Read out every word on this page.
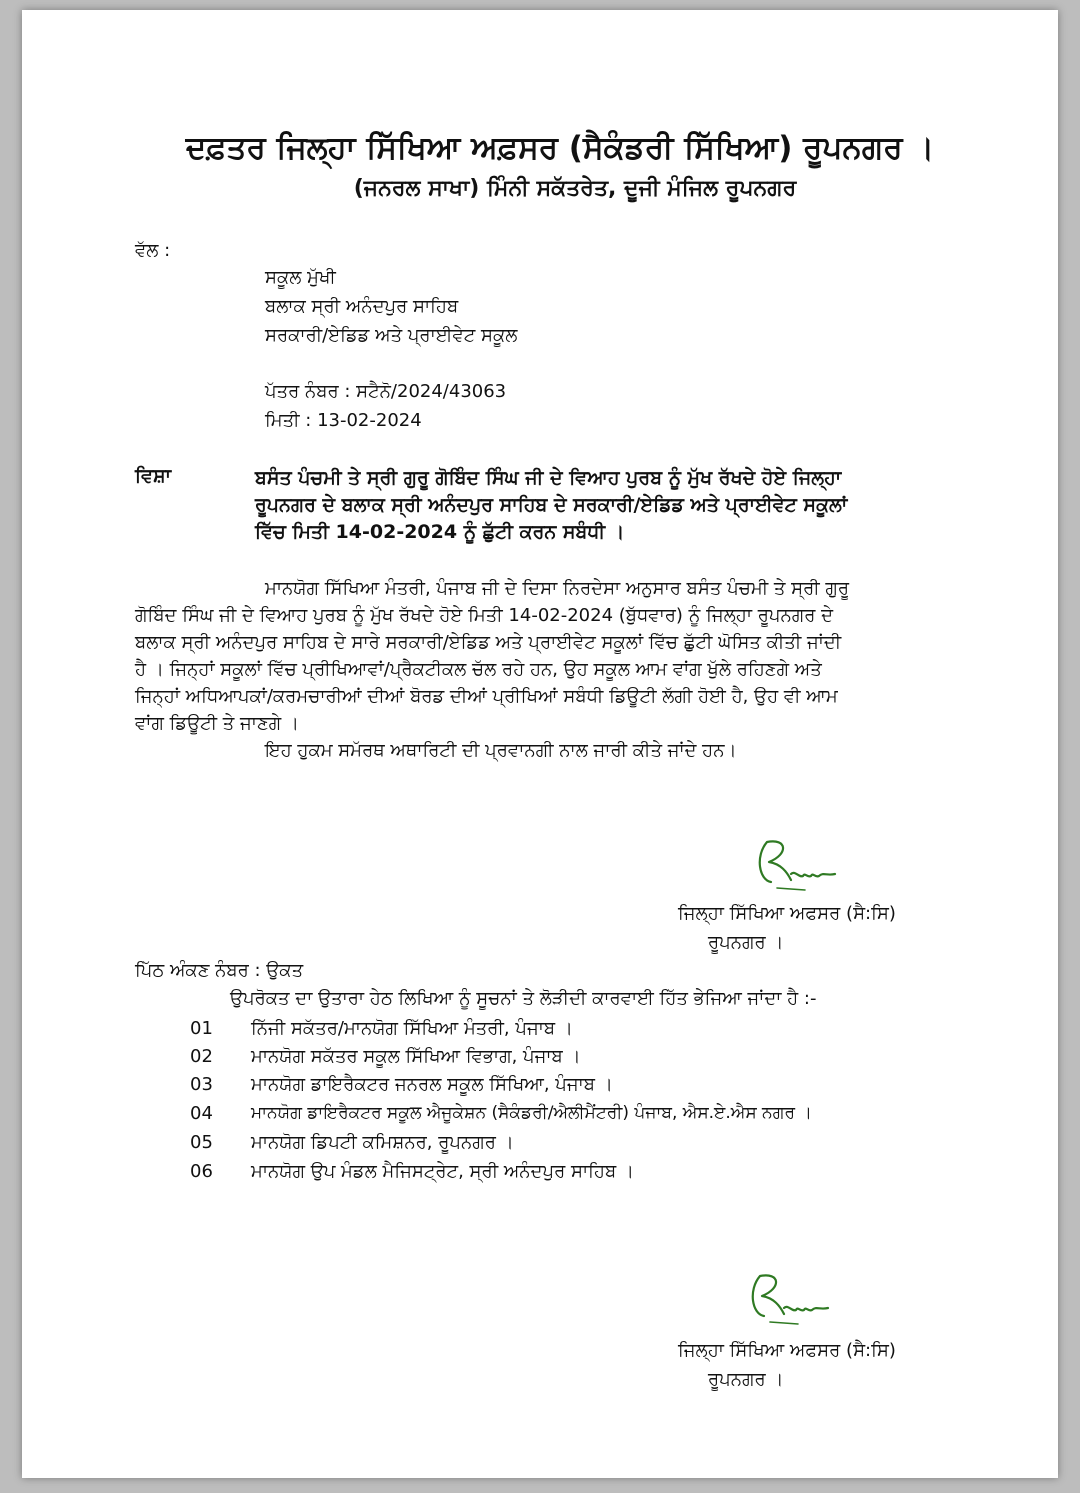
ਦਫ਼ਤਰ ਜਿਲ੍ਹਾ ਸਿੱਖਿਆ ਅਫ਼ਸਰ (ਸੈਕੰਡਰੀ ਸਿੱਖਿਆ) ਰੂਪਨਗਰ ।
(ਜਨਰਲ ਸਾਖਾ) ਮਿੰਨੀ ਸਕੱਤਰੇਤ, ਦੂਜੀ ਮੰਜਿਲ ਰੂਪਨਗਰ
ਵੱਲ :
ਸਕੂਲ ਮੁੱਖੀ
ਬਲਾਕ ਸ੍ਰੀ ਅਨੰਦਪੁਰ ਸਾਹਿਬ
ਸਰਕਾਰੀ/ਏਡਿਡ ਅਤੇ ਪ੍ਰਾਈਵੇਟ ਸਕੂਲ
ਪੱਤਰ ਨੰਬਰ : ਸਟੈਨੋ/2024/43063
ਮਿਤੀ : 13-02-2024
ਵਿਸ਼ਾ	ਬਸੰਤ ਪੰਚਮੀ ਤੇ ਸ੍ਰੀ ਗੁਰੂ ਗੋਬਿੰਦ ਸਿੰਘ ਜੀ ਦੇ ਵਿਆਹ ਪੁਰਬ ਨੂੰ ਮੁੱਖ ਰੱਖਦੇ ਹੋਏ ਜਿਲ੍ਹਾ
ਰੂਪਨਗਰ ਦੇ ਬਲਾਕ ਸ੍ਰੀ ਅਨੰਦਪੁਰ ਸਾਹਿਬ ਦੇ ਸਰਕਾਰੀ/ਏਡਿਡ ਅਤੇ ਪ੍ਰਾਈਵੇਟ ਸਕੂਲਾਂ
ਵਿੱਚ ਮਿਤੀ 14-02-2024 ਨੂੰ ਛੁੱਟੀ ਕਰਨ ਸਬੰਧੀ ।
ਮਾਨਯੋਗ ਸਿੱਖਿਆ ਮੰਤਰੀ, ਪੰਜਾਬ ਜੀ ਦੇ ਦਿਸਾ ਨਿਰਦੇਸਾ ਅਨੁਸਾਰ ਬਸੰਤ ਪੰਚਮੀ ਤੇ ਸ੍ਰੀ ਗੁਰੂ
ਗੋਬਿੰਦ ਸਿੰਘ ਜੀ ਦੇ ਵਿਆਹ ਪੁਰਬ ਨੂੰ ਮੁੱਖ ਰੱਖਦੇ ਹੋਏ ਮਿਤੀ 14-02-2024 (ਬੁੱਧਵਾਰ) ਨੂੰ ਜਿਲ੍ਹਾ ਰੂਪਨਗਰ ਦੇ
ਬਲਾਕ ਸ੍ਰੀ ਅਨੰਦਪੁਰ ਸਾਹਿਬ ਦੇ ਸਾਰੇ ਸਰਕਾਰੀ/ਏਡਿਡ ਅਤੇ ਪ੍ਰਾਈਵੇਟ ਸਕੂਲਾਂ ਵਿੱਚ ਛੁੱਟੀ ਘੋਸਿਤ ਕੀਤੀ ਜਾਂਦੀ
ਹੈ । ਜਿਨ੍ਹਾਂ ਸਕੂਲਾਂ ਵਿੱਚ ਪ੍ਰੀਖਿਆਵਾਂ/ਪ੍ਰੈਕਟੀਕਲ ਚੱਲ ਰਹੇ ਹਨ, ਉਹ ਸਕੂਲ ਆਮ ਵਾਂਗ ਖੁੱਲੇ ਰਹਿਣਗੇ ਅਤੇ
ਜਿਨ੍ਹਾਂ ਅਧਿਆਪਕਾਂ/ਕਰਮਚਾਰੀਆਂ ਦੀਆਂ ਬੋਰਡ ਦੀਆਂ ਪ੍ਰੀਖਿਆਂ ਸਬੰਧੀ ਡਿਊਟੀ ਲੱਗੀ ਹੋਈ ਹੈ, ਉਹ ਵੀ ਆਮ
ਵਾਂਗ ਡਿਊਟੀ ਤੇ ਜਾਣਗੇ ।
ਇਹ ਹੁਕਮ ਸਮੱਰਥ ਅਥਾਰਿਟੀ ਦੀ ਪ੍ਰਵਾਨਗੀ ਨਾਲ ਜਾਰੀ ਕੀਤੇ ਜਾਂਦੇ ਹਨ।
ਜਿਲ੍ਹਾ ਸਿੱਖਿਆ ਅਫਸਰ (ਸੈ:ਸਿ)
ਰੂਪਨਗਰ ।
ਪਿੱਠ ਅੰਕਣ ਨੰਬਰ : ਉਕਤ
ਉਪਰੋਕਤ ਦਾ ਉਤਾਰਾ ਹੇਠ ਲਿਖਿਆ ਨੂੰ ਸੂਚਨਾਂ ਤੇ ਲੋੜੀਦੀ ਕਾਰਵਾਈ ਹਿੱਤ ਭੇਜਿਆ ਜਾਂਦਾ ਹੈ :-
01 ਨਿੱਜੀ ਸਕੱਤਰ/ਮਾਨਯੋਗ ਸਿੱਖਿਆ ਮੰਤਰੀ, ਪੰਜਾਬ ।
02 ਮਾਨਯੋਗ ਸਕੱਤਰ ਸਕੂਲ ਸਿੱਖਿਆ ਵਿਭਾਗ, ਪੰਜਾਬ ।
03 ਮਾਨਯੋਗ ਡਾਇਰੈਕਟਰ ਜਨਰਲ ਸਕੂਲ ਸਿੱਖਿਆ, ਪੰਜਾਬ ।
04 ਮਾਨਯੋਗ ਡਾਇਰੈਕਟਰ ਸਕੂਲ ਐਜੂਕੇਸ਼ਨ (ਸੈਕੰਡਰੀ/ਐਲੀਮੈਂਟਰੀ) ਪੰਜਾਬ, ਐਸ.ਏ.ਐਸ ਨਗਰ ।
05 ਮਾਨਯੋਗ ਡਿਪਟੀ ਕਮਿਸ਼ਨਰ, ਰੂਪਨਗਰ ।
06 ਮਾਨਯੋਗ ਉਪ ਮੰਡਲ ਮੈਜਿਸਟ੍ਰੇਟ, ਸ੍ਰੀ ਅਨੰਦਪੁਰ ਸਾਹਿਬ ।
ਜਿਲ੍ਹਾ ਸਿੱਖਿਆ ਅਫਸਰ (ਸੈ:ਸਿ)
ਰੂਪਨਗਰ ।
